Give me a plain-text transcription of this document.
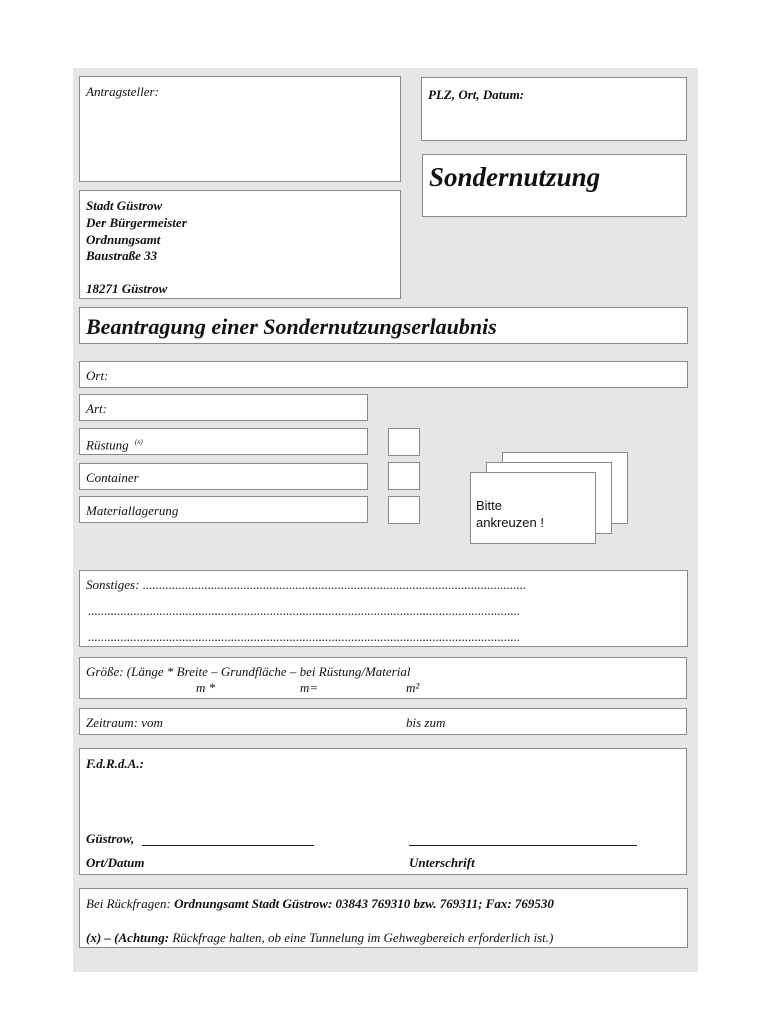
Antragsteller:	PLZ, Ort, Datum:
Sondernutzung
Stadt Güstrow
Der Bürgermeister
Ordnungsamt
Baustraße 33
18271 Güstrow
Beantragung einer Sondernutzungserlaubnis
Ort:
Art:
Rüstung $^{(x)}$
Container
Materiallagerung	Bitte
ankreuzen !
Sonstiges: ......................................................................................................................
.....................................................................................................................................
.....................................................................................................................................
Größe: (Länge * Breite – Grundfläche – bei Rüstung/Material
m *	m=	m²
Zeitraum: vom	bis zum
F.d.R.d.A.:
Güstrow,
Ort/Datum	Unterschrift
Bei Rückfragen: Ordnungsamt Stadt Güstrow: 03843 769310 bzw. 769311; Fax: 769530
(x) – (Achtung: Rückfrage halten, ob eine Tunnelung im Gehwegbereich erforderlich ist.)
